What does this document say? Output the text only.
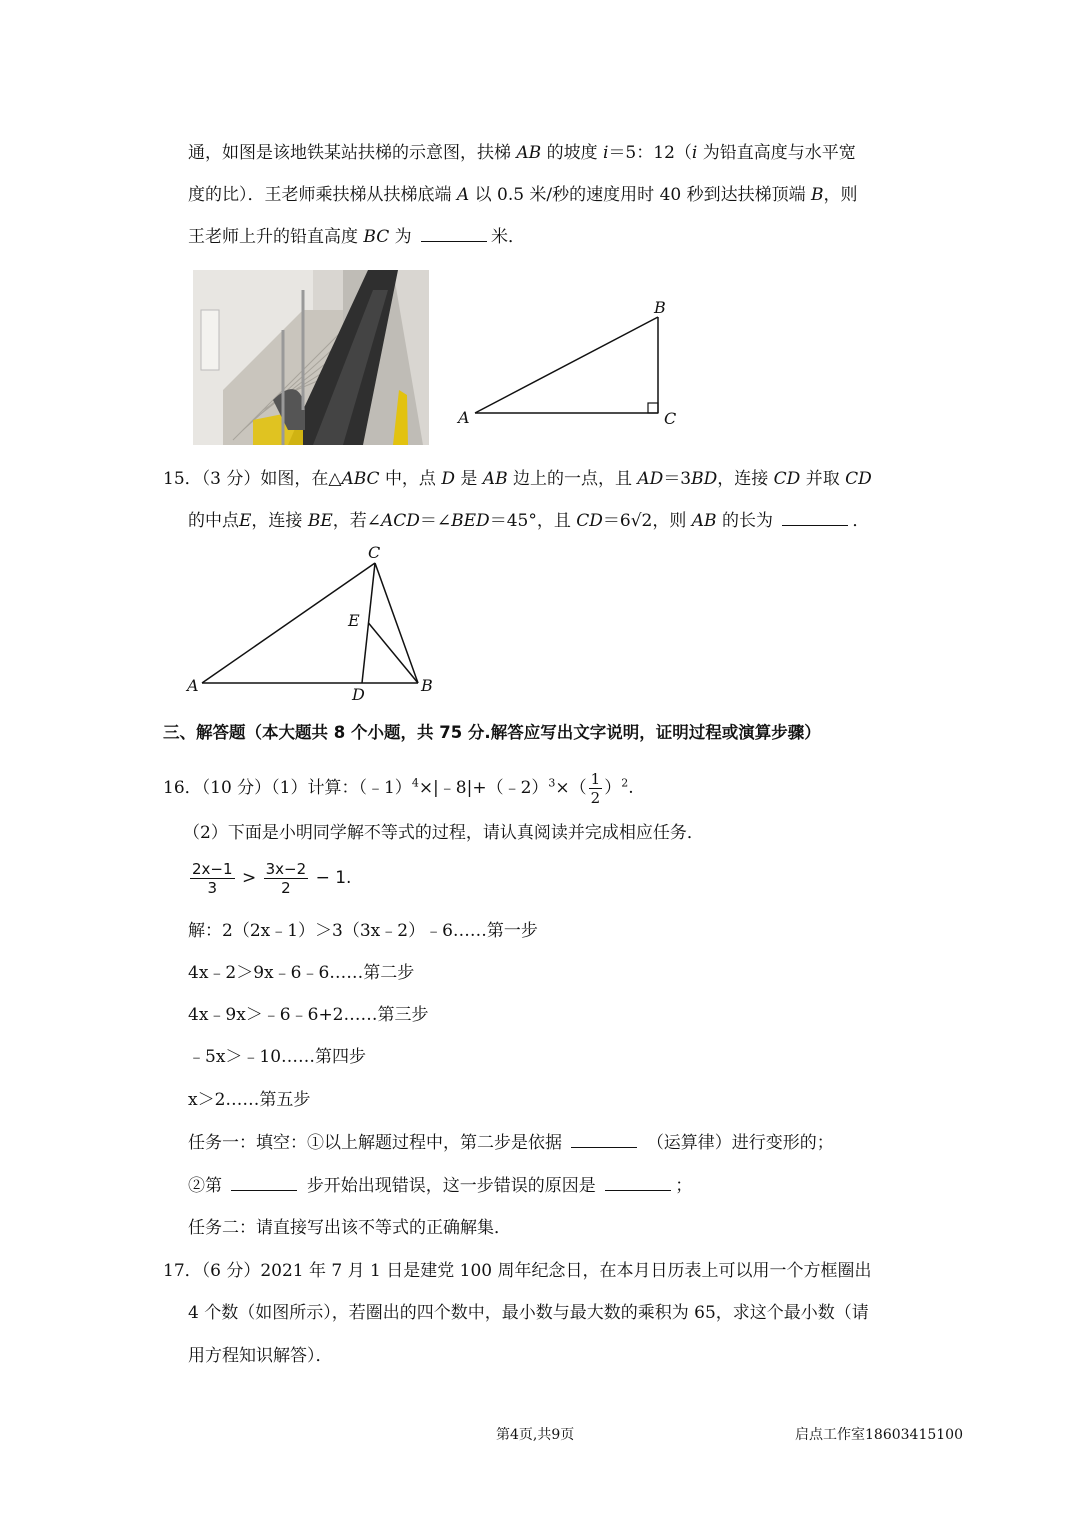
通，如图是该地铁某站扶梯的示意图，扶梯 AB 的坡度 i＝5：12（i 为铅直高度与水平宽
度的比）．王老师乘扶梯从扶梯底端 A 以 0.5 米/秒的速度用时 40 秒到达扶梯顶端 B，则
王老师上升的铅直高度 BC 为	米．
A
B
C
15．（3 分）如图，在△ABC 中，点 D 是 AB 边上的一点，且 AD＝3BD，连接 CD 并取 CD
的中点E，连接 BE，若∠ACD＝∠BED＝45°，且 CD＝6√2，则 AB 的长为	．
C
E
A	D	B
三、解答题（本大题共 8 个小题，共 75 分.解答应写出文字说明，证明过程或演算步骤）
16．（10 分）（1）计算：（﹣1）$^4$×|﹣8|+（﹣2）$^3$×（ $\frac{1}{2} )^2$.
（2）下面是小明同学解不等式的过程，请认真阅读并完成相应任务．
$\frac{2x-1}{3} > \frac{3x-2}{2} - 1$.
解：2（2x﹣1）＞3（3x﹣2）﹣6……第一步
4x﹣2＞9x﹣6﹣6……第二步
4x﹣9x＞﹣6﹣6+2……第三步
﹣5x＞﹣10……第四步
x＞2……第五步
任务一：填空：①以上解题过程中，第二步是依据	（运算律）进行变形的；
②第	步开始出现错误，这一步错误的原因是	；
任务二：请直接写出该不等式的正确解集．
17．（6 分）2021 年 7 月 1 日是建党 100 周年纪念日，在本月日历表上可以用一个方框圈出
4 个数（如图所示），若圈出的四个数中，最小数与最大数的乘积为 65，求这个最小数（请
用方程知识解答）．
第4页,共9页	启点工作室18603415100
